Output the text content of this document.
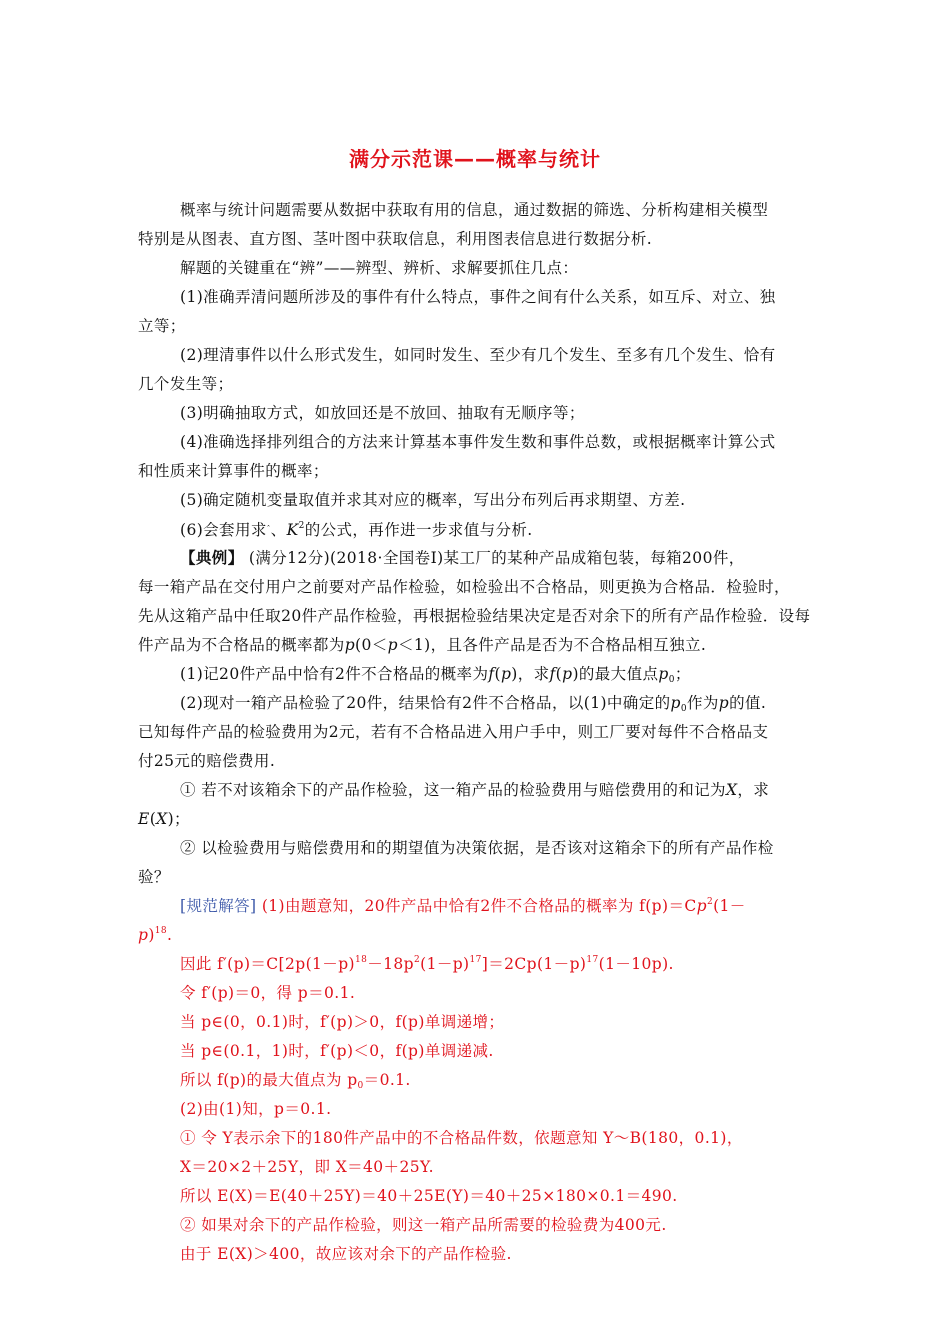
满分示范课——概率与统计
概率与统计问题需要从数据中获取有用的信息，通过数据的筛选、分析构建相关模型
特别是从图表、直方图、茎叶图中获取信息，利用图表信息进行数据分析.
解题的关键重在“辨”——辨型、辨析、求解要抓住几点：
(1)准确弄清问题所涉及的事件有什么特点，事件之间有什么关系，如互斥、对立、独
立等；
(2)理清事件以什么形式发生，如同时发生、至少有几个发生、至多有几个发生、恰有
几个发生等；
(3)明确抽取方式，如放回还是不放回、抽取有无顺序等；
(4)准确选择排列组合的方法来计算基本事件发生数和事件总数，或根据概率计算公式
和性质来计算事件的概率；
(5)确定随机变量取值并求其对应的概率，写出分布列后再求期望、方差.
(6)会套用求$^ˆ$、$K^2$的公式，再作进一步求值与分析.
【典例】 (满分12分)(2018·全国卷Ⅰ)某工厂的某种产品成箱包装，每箱200件，
每一箱产品在交付用户之前要对产品作检验，如检验出不合格品，则更换为合格品．检验时，
先从这箱产品中任取20件产品作检验，再根据检验结果决定是否对余下的所有产品作检验．设每
件产品为不合格品的概率都为p(0＜p＜1)，且各件产品是否为不合格品相互独立.
(1)记20件产品中恰有2件不合格品的概率为f(p)，求f(p)的最大值点$p_0$；
(2)现对一箱产品检验了20件，结果恰有2件不合格品，以(1)中确定的$p_0$作为p的值.
已知每件产品的检验费用为2元，若有不合格品进入用户手中，则工厂要对每件不合格品支
付25元的赔偿费用.
① 若不对该箱余下的产品作检验，这一箱产品的检验费用与赔偿费用的和记为X，求
E(X)；
② 以检验费用与赔偿费用和的期望值为决策依据，是否该对这箱余下的所有产品作检
验？
[规范解答] (1)由题意知，20件产品中恰有2件不合格品的概率为 $f(p)=Cp^2(1-$
p)$^{18}$.
因此 $f'(p)=C[2p(1-p)^{18}-18p^2(1-p)^{17}]=2Cp(1-p)^{17}(1-10p)$.
令 f′(p)＝0，得 p＝0.1.
当 p∈(0，0.1)时，f′(p)＞0，f(p)单调递增；
当 p∈(0.1，1)时，f′(p)＜0，f(p)单调递减.
所以 f(p)的最大值点为 $p_0=0.1$.
(2)由(1)知，p＝0.1.
① 令 Y表示余下的180件产品中的不合格品件数，依题意知 Y～B(180，0.1)，
X＝20×2＋25Y，即 X＝40＋25Y.
所以 E(X)＝E(40＋25Y)＝40＋25E(Y)＝40＋25×180×0.1＝490.
② 如果对余下的产品作检验，则这一箱产品所需要的检验费为400元.
由于 E(X)＞400，故应该对余下的产品作检验.
